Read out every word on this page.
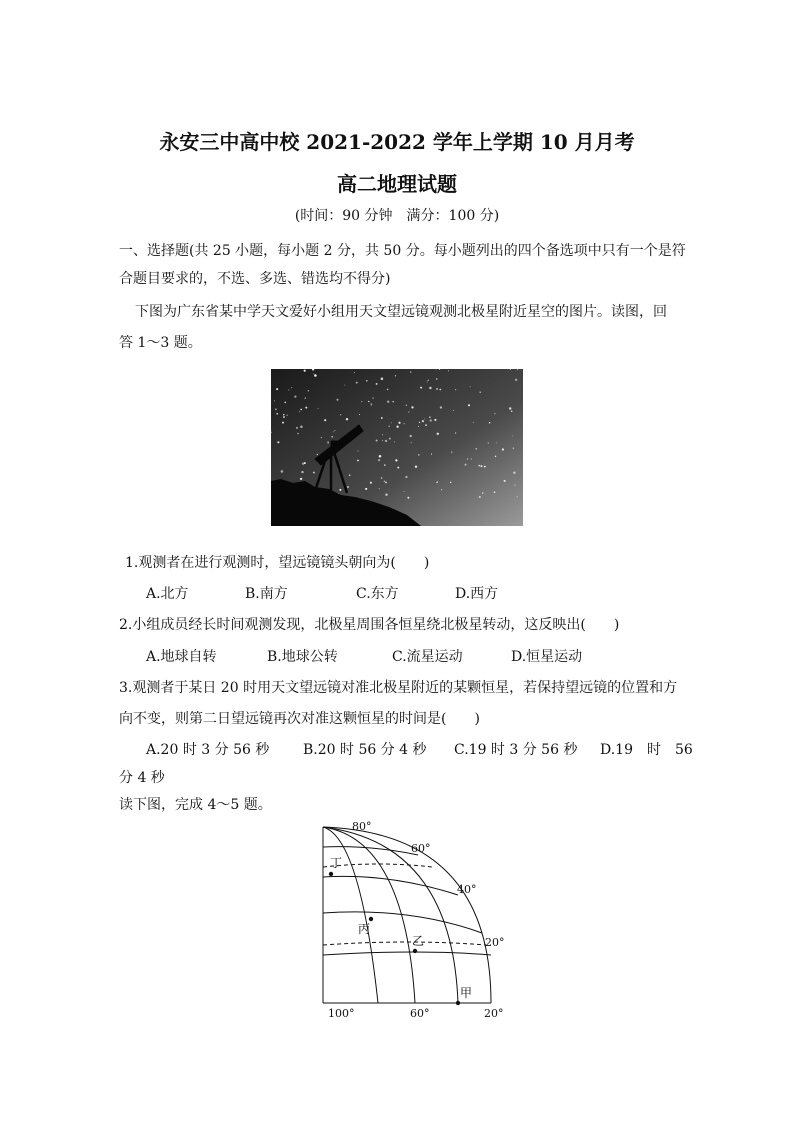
永安三中高中校 2021-2022 学年上学期 10 月月考
高二地理试题
(时间：90 分钟　满分：100 分)
一、选择题(共 25 小题，每小题 2 分，共 50 分。每小题列出的四个备选项中只有一个是符
合题目要求的，不选、多选、错选均不得分)
下图为广东省某中学天文爱好小组用天文望远镜观测北极星附近星空的图片。读图，回
答 1～3 题。
1.观测者在进行观测时，望远镜镜头朝向为(　　)
A.北方	B.南方	C.东方	D.西方
2.小组成员经长时间观测发现，北极星周围各恒星绕北极星转动，这反映出(　　)
A.地球自转	B.地球公转	C.流星运动	D.恒星运动
3.观测者于某日 20 时用天文望远镜对准北极星附近的某颗恒星，若保持望远镜的位置和方
向不变，则第二日望远镜再次对准这颗恒星的时间是(　　)
A.20 时 3 分 56 秒 B.20 时 56 分 4 秒 C.19 时 3 分 56 秒 D.19　时　56
分 4 秒
读下图，完成 4～5 题。
80°
60°
40°
20°
100°	60°	20°
丁
丙
乙
甲
